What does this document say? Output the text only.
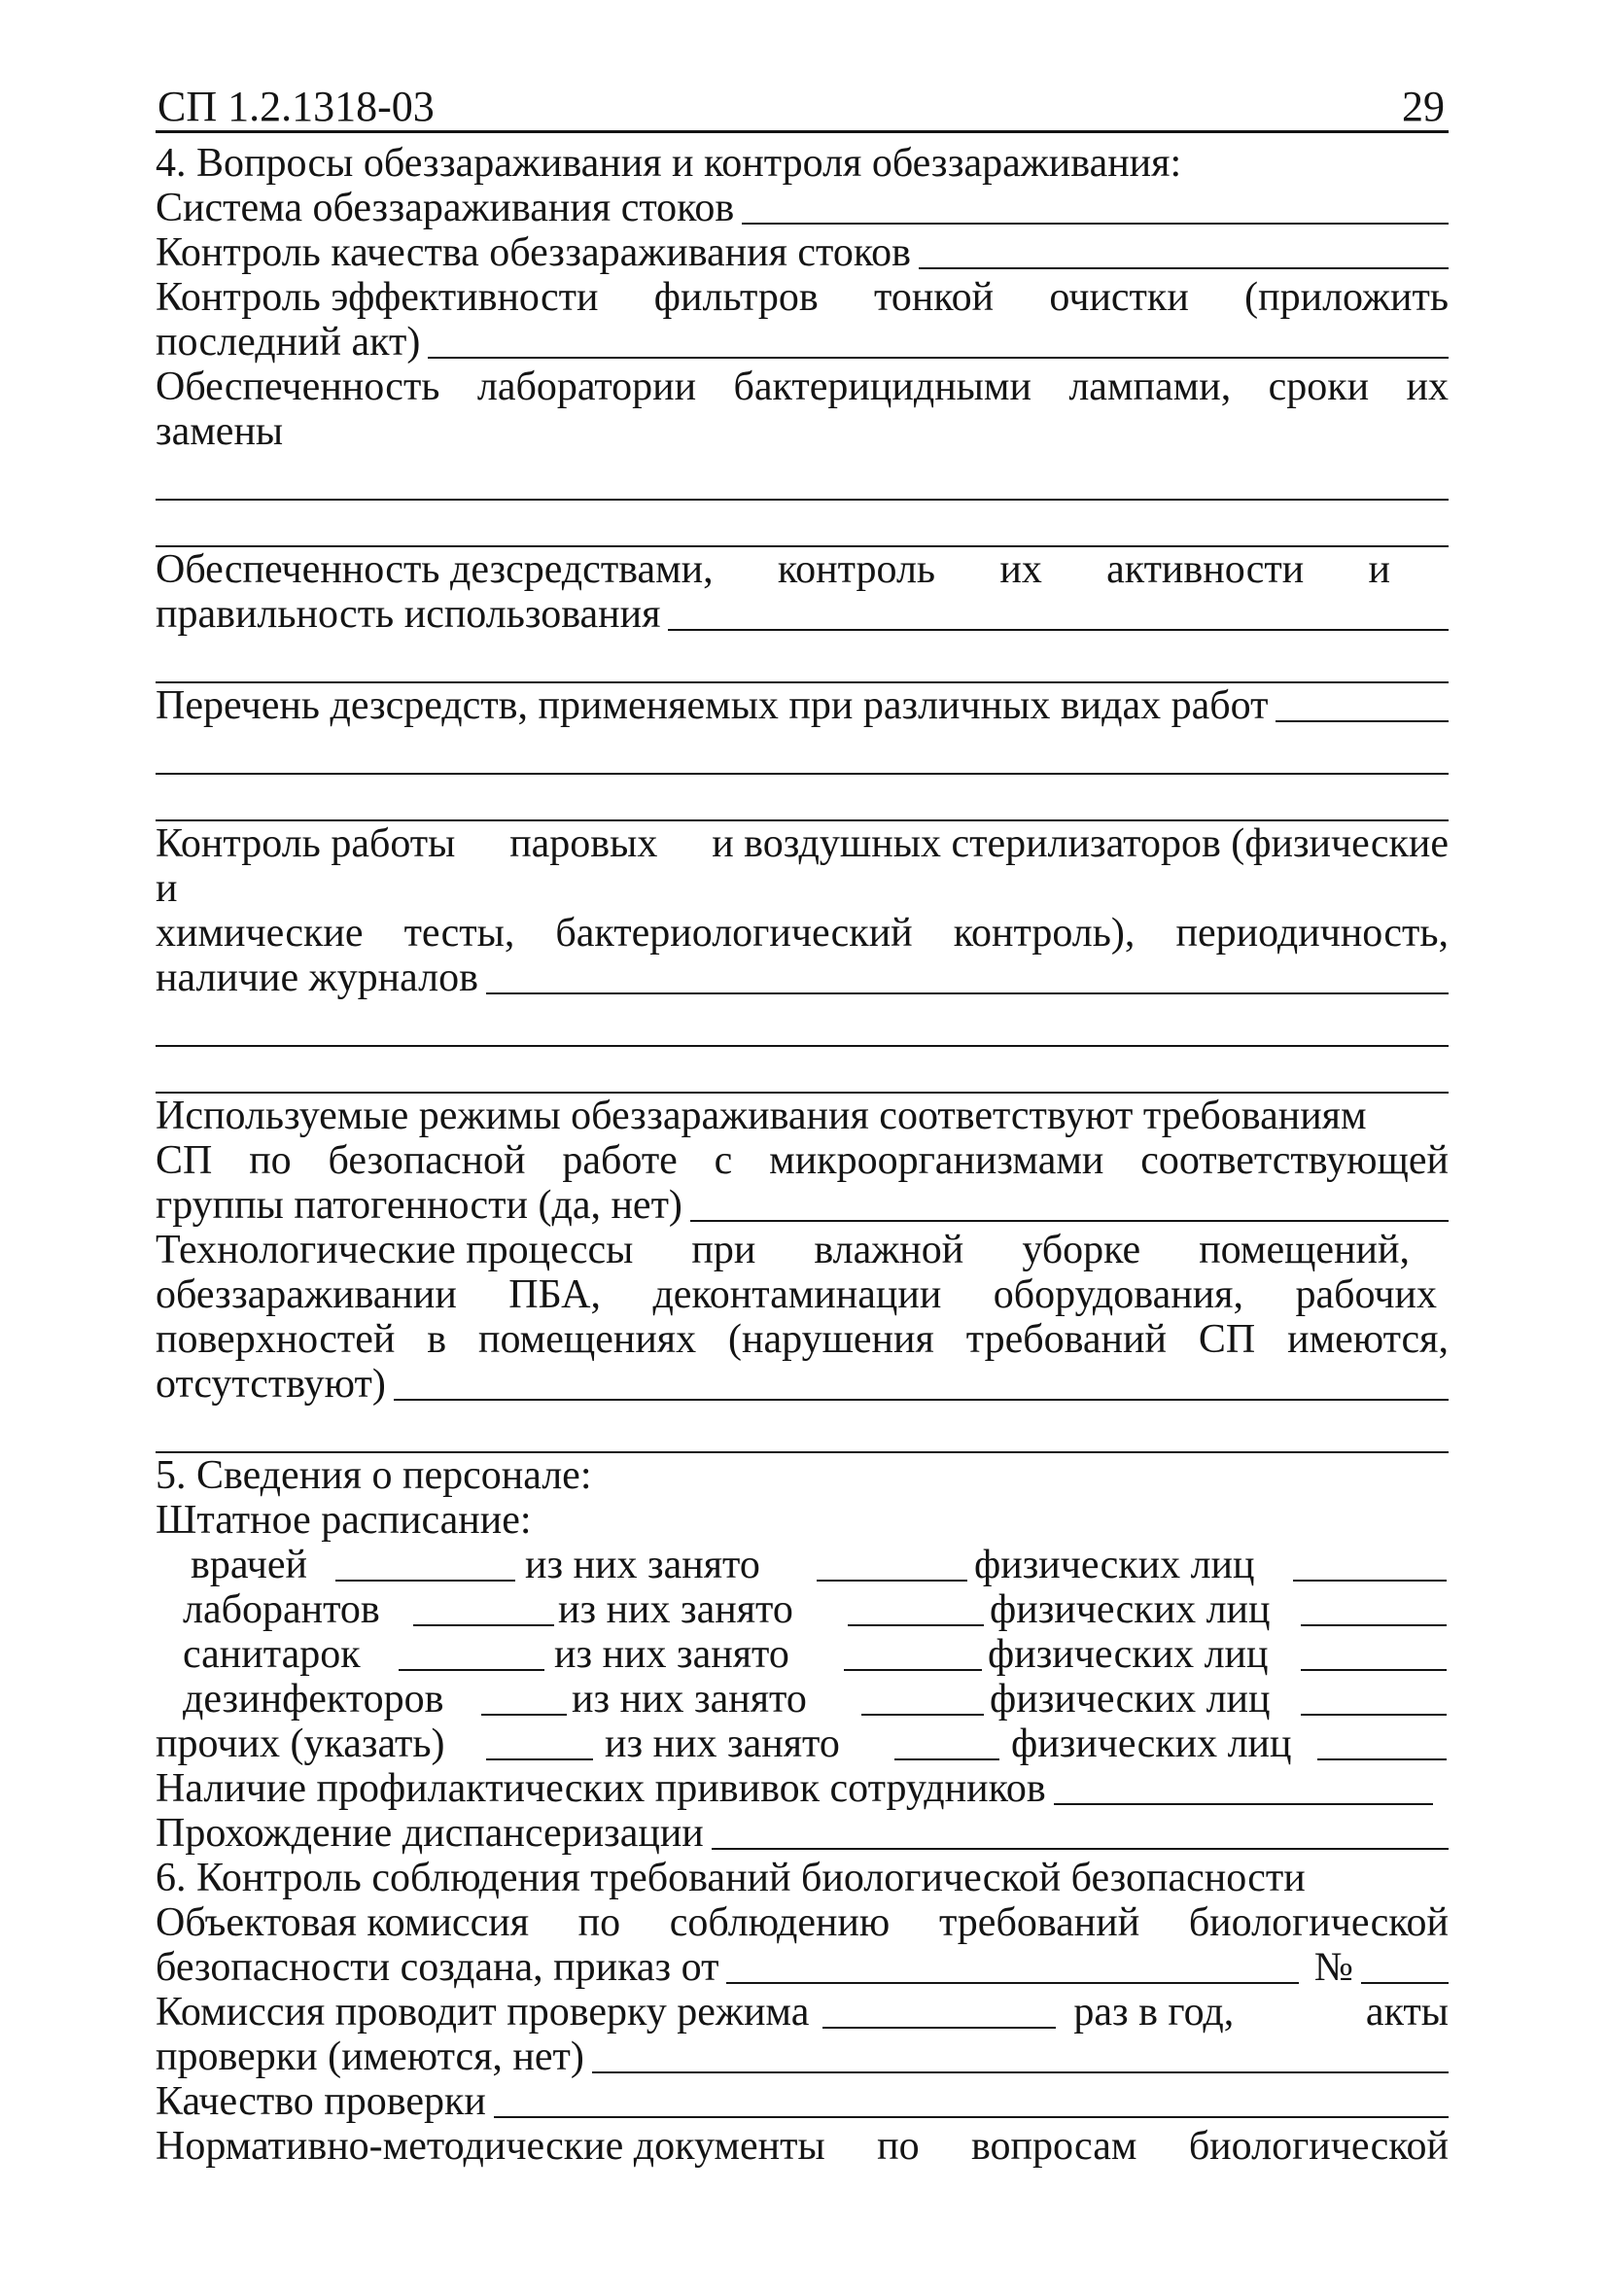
СП 1.2.1318-03	29
4. Вопросы обеззараживания и контроля обеззараживания:
Система обеззараживания стоков
Контроль качества обеззараживания стоков
Контроль эффективности фильтров тонкой очистки (приложить
последний акт)
Обеспеченность лаборатории бактерицидными лампами, сроки их
замены
Обеспеченность дезсредствами, контроль их активности и
правильность использования
Перечень дезсредств, применяемых при различных видах работ
Контроль работы паровых и воздушных стерилизаторов (физические
и
химические тесты, бактериологический контроль), периодичность,
наличие журналов
Используемые режимы обеззараживания соответствуют требованиям
СП по безопасной работе с микроорганизмами соответствующей
группы патогенности (да, нет)
Технологические процессы при влажной уборке помещений,
обеззараживании ПБА, деконтаминации оборудования, рабочих
поверхностей в помещениях (нарушения требований СП имеются,
отсутствуют)
5. Сведения о персонале:
Штатное расписание:
врачей	из них занято	физических лиц
лаборантов	из них занято	физических лиц
санитарок	из них занято	физических лиц
дезинфекторов	из них занято	физических лиц
прочих (указать)	из них занято	физических лиц
Наличие профилактических прививок сотрудников
Прохождение диспансеризации
6. Контроль соблюдения требований биологической безопасности
Объектовая комиссия по соблюдению требований биологической
безопасности создана, приказ от	№
Комиссия проводит проверку режима	раз в год,	акты
проверки (имеются, нет)
Качество проверки
Нормативно-методические документы по вопросам биологической
